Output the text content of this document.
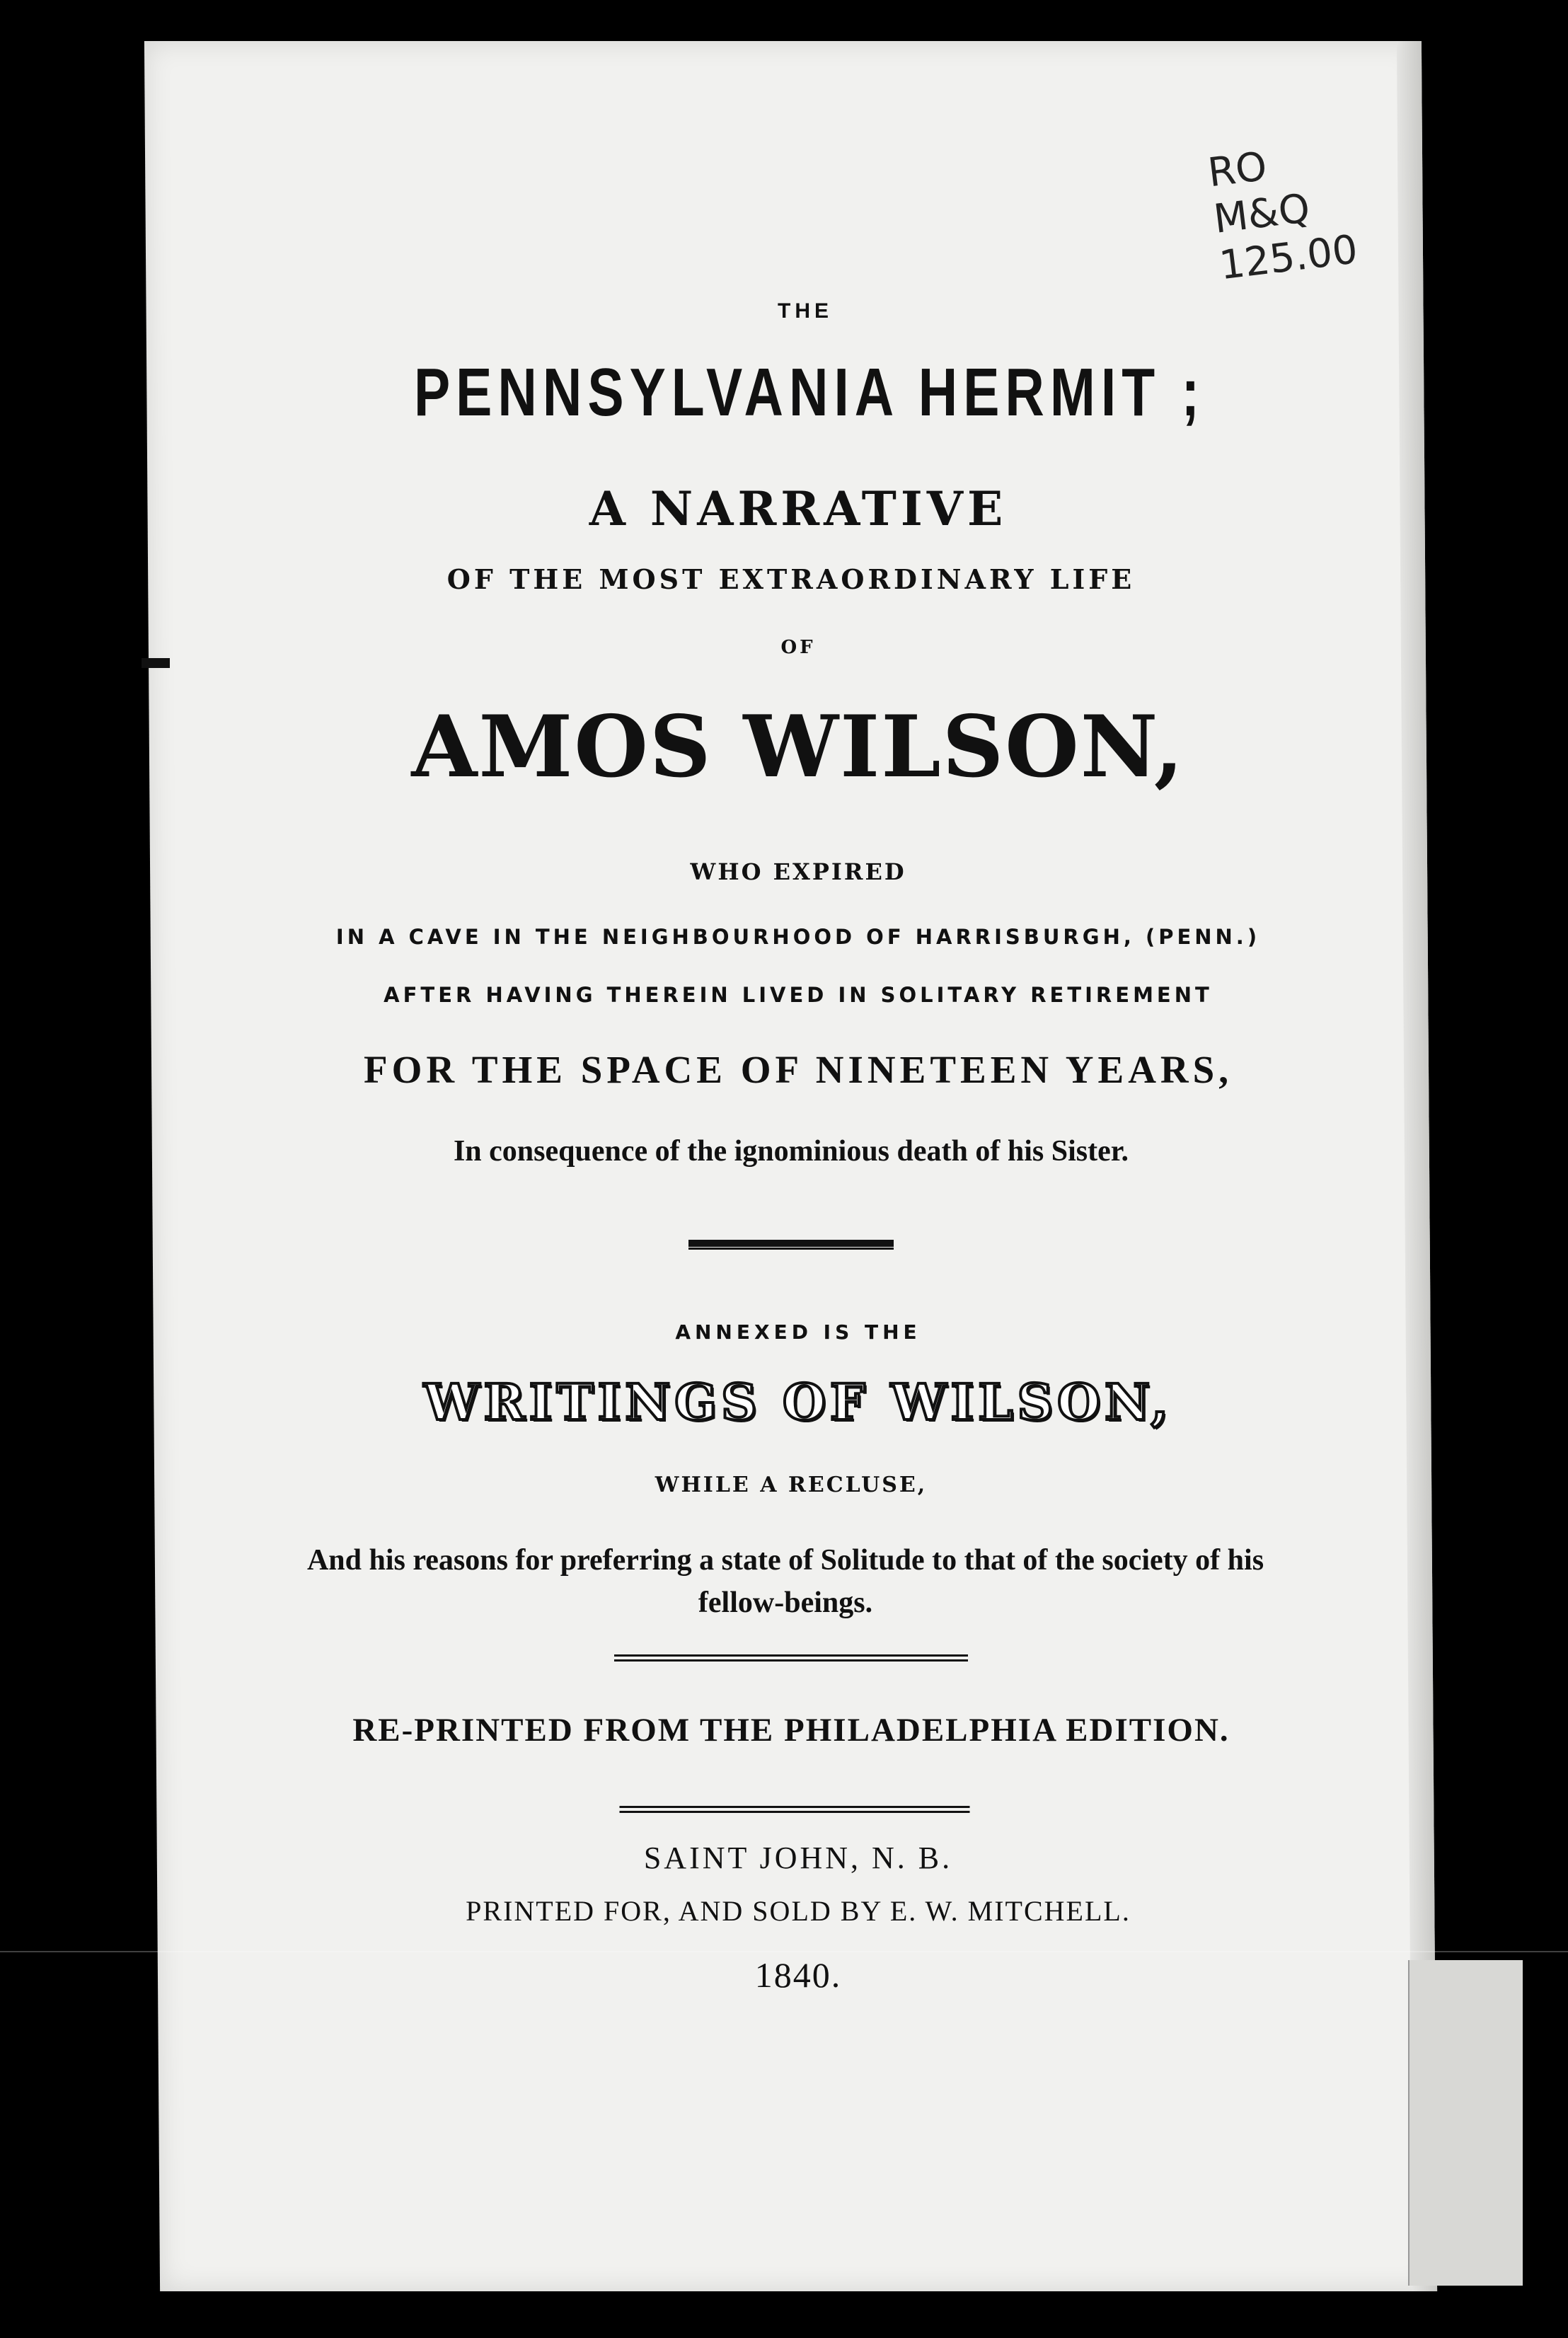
RO
M&Q
125.00
THE
PENNSYLVANIA HERMIT ;
A NARRATIVE
OF THE MOST EXTRAORDINARY LIFE
OF
AMOS WILSON,
WHO EXPIRED
IN A CAVE IN THE NEIGHBOURHOOD OF HARRISBURGH, (PENN.)
AFTER HAVING THEREIN LIVED IN SOLITARY RETIREMENT
FOR THE SPACE OF NINETEEN YEARS,
In consequence of the ignominious death of his Sister.
ANNEXED IS THE
WRITINGS OF WILSON,
WHILE A RECLUSE,
And his reasons for preferring a state of Solitude to that of the society of his fellow-beings.
RE-PRINTED FROM THE PHILADELPHIA EDITION.
SAINT JOHN, N. B.
PRINTED FOR, AND SOLD BY E. W. MITCHELL.
1840.
